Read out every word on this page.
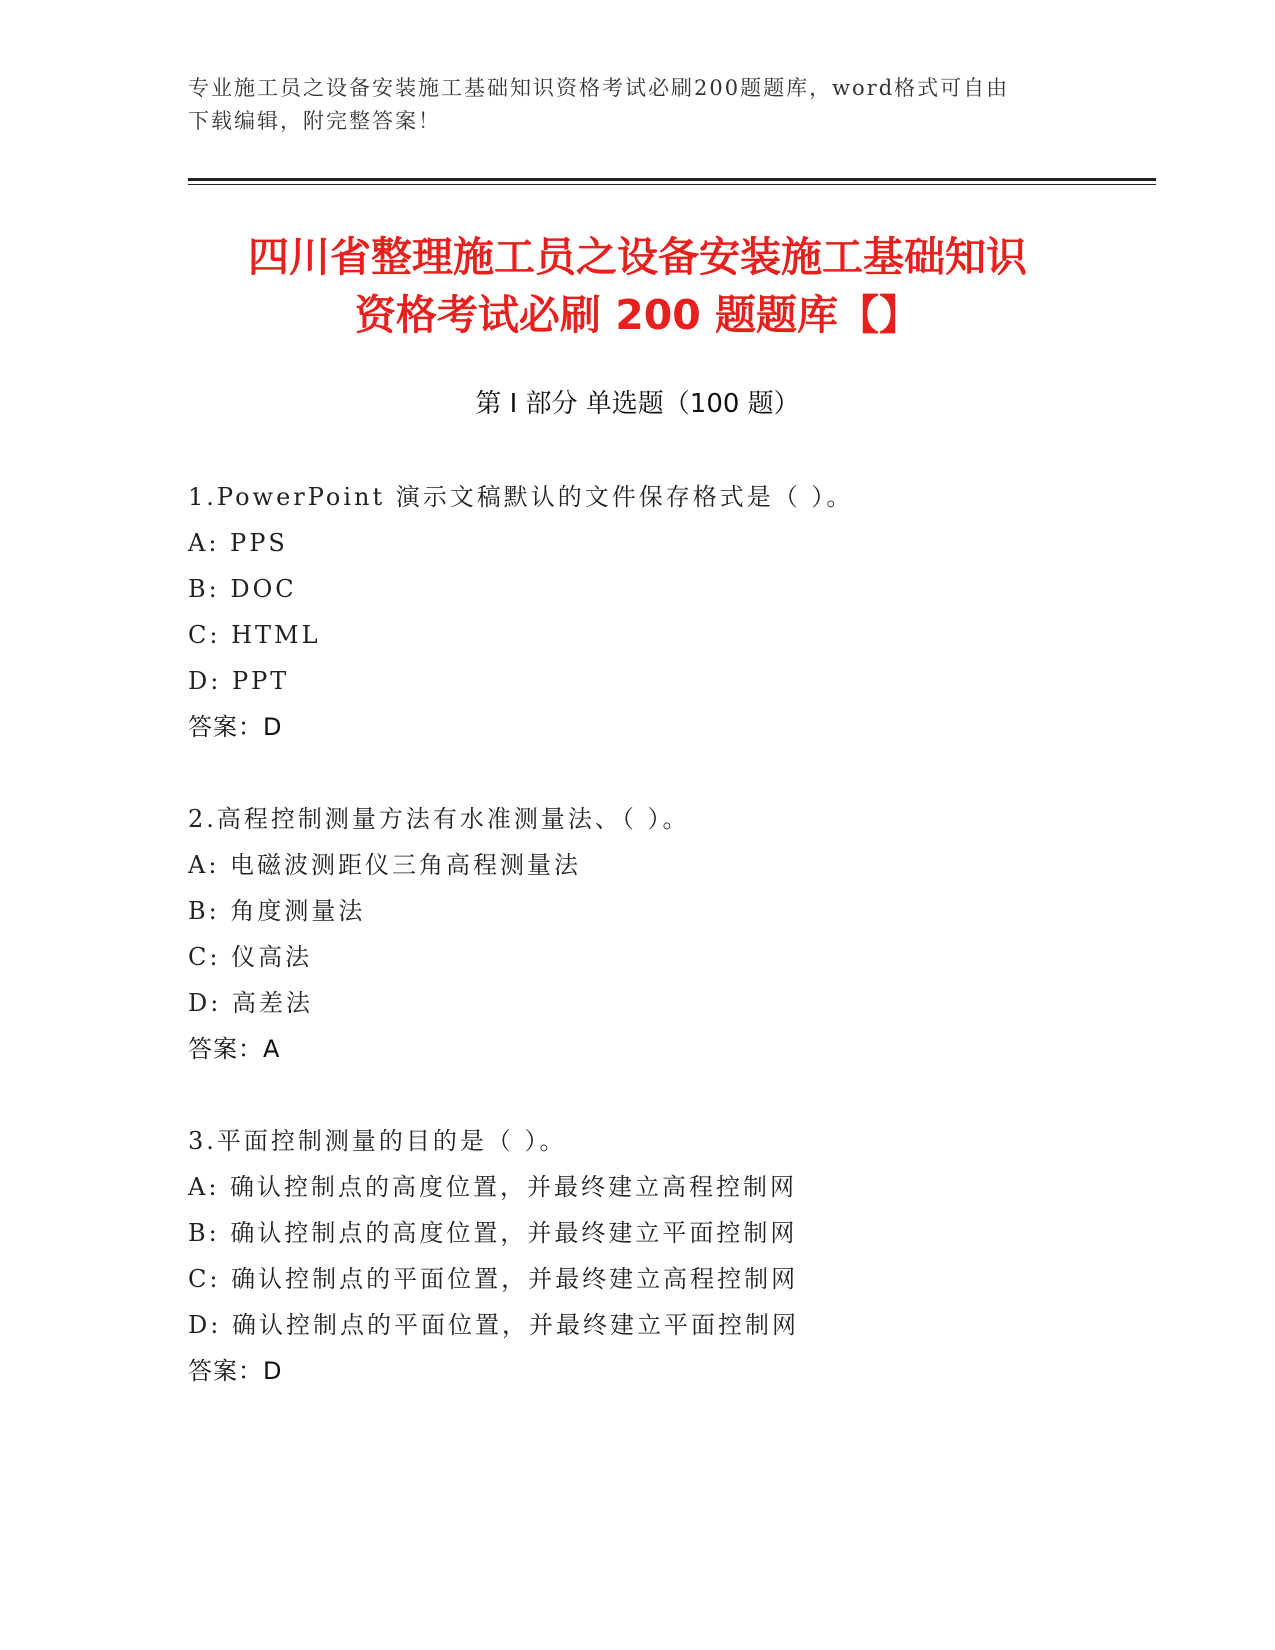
专业施工员之设备安装施工基础知识资格考试必刷200题题库，word格式可自由
下载编辑，附完整答案！
四川省整理施工员之设备安装施工基础知识
资格考试必刷 200 题题库【】
第 I 部分 单选题（100 题）
1.PowerPoint 演示文稿默认的文件保存格式是（ ）。
A: PPS
B: DOC
C: HTML
D: PPT
答案：D
2.高程控制测量方法有水准测量法、（ ）。
A: 电磁波测距仪三角高程测量法
B: 角度测量法
C: 仪高法
D: 高差法
答案：A
3.平面控制测量的目的是（ ）。
A: 确认控制点的高度位置，并最终建立高程控制网
B: 确认控制点的高度位置，并最终建立平面控制网
C: 确认控制点的平面位置，并最终建立高程控制网
D: 确认控制点的平面位置，并最终建立平面控制网
答案：D
